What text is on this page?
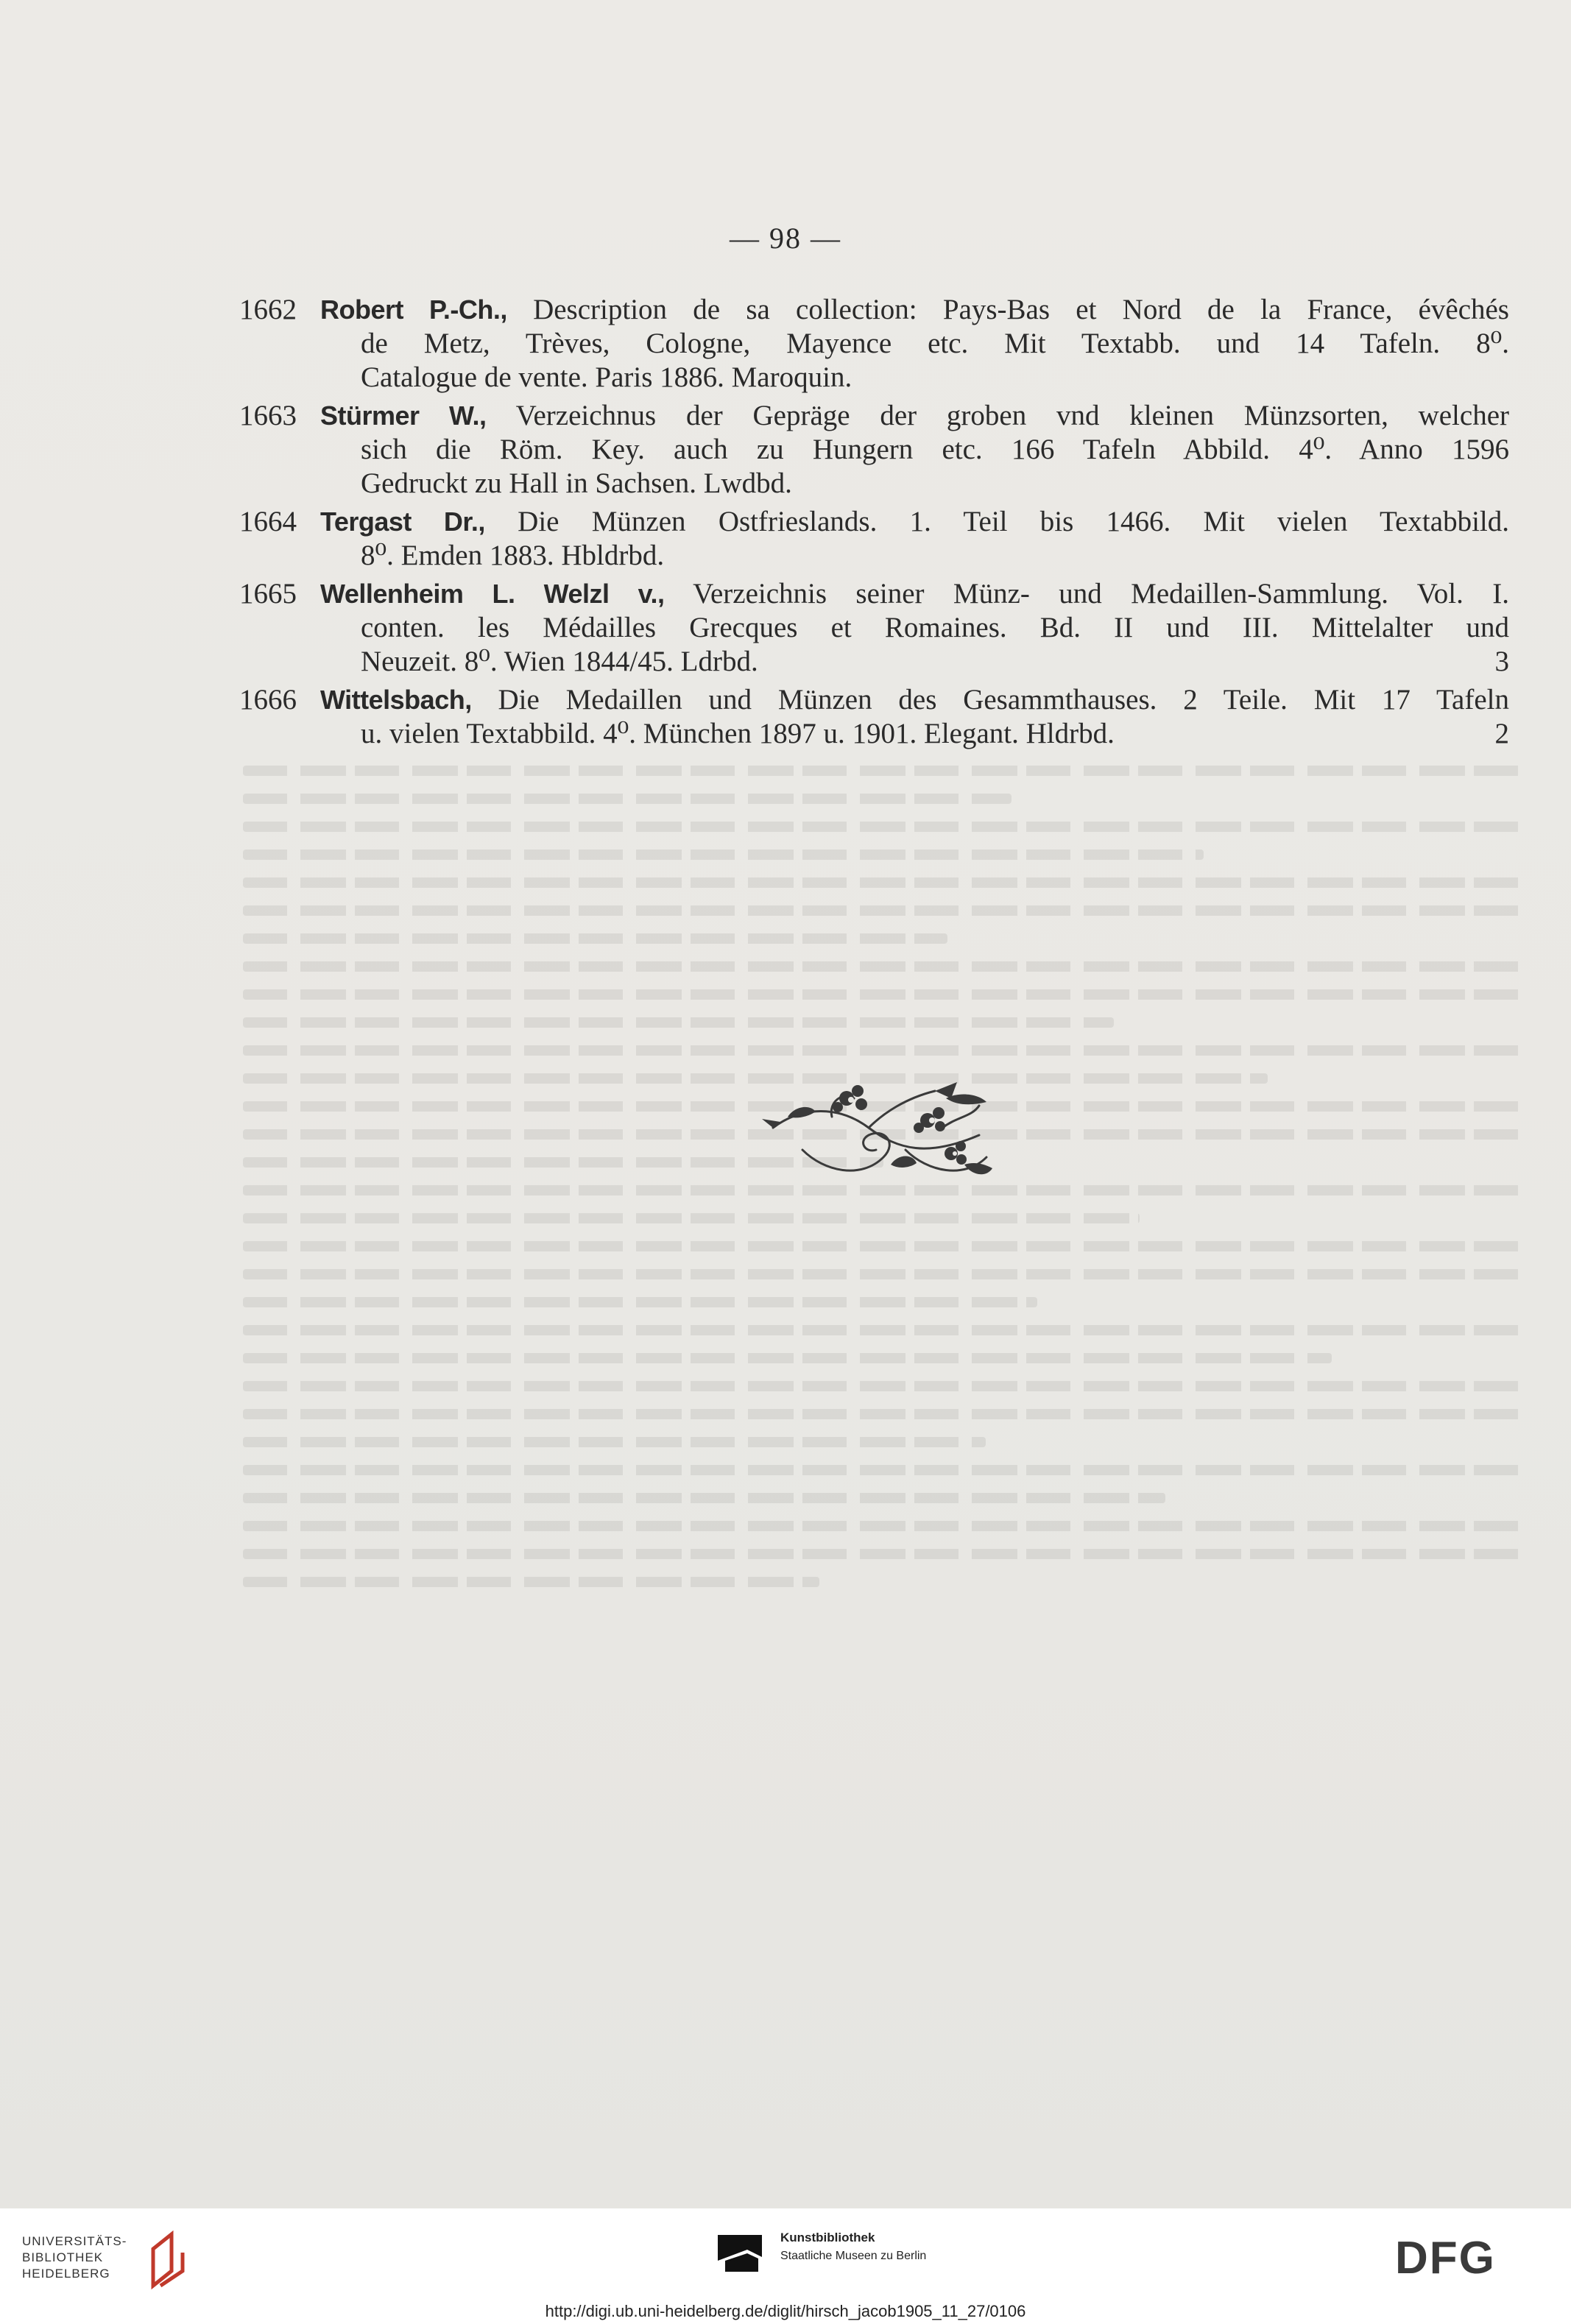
— 98 —
1662 Robert P.-Ch., Description de sa collection: Pays-Bas et Nord de la France, évêchés
de Metz, Trèves, Cologne, Mayence etc. Mit Textabb. und 14 Tafeln. 8⁰.
Catalogue de vente. Paris 1886. Maroquin.
1663 Stürmer W., Verzeichnus der Gepräge der groben vnd kleinen Münzsorten, welcher
sich die Röm. Key. auch zu Hungern etc. 166 Tafeln Abbild. 4⁰. Anno 1596
Gedruckt zu Hall in Sachsen. Lwdbd.
1664 Tergast Dr., Die Münzen Ostfrieslands. 1. Teil bis 1466. Mit vielen Textabbild.
8⁰. Emden 1883. Hbldrbd.
1665 Wellenheim L. Welzl v., Verzeichnis seiner Münz- und Medaillen-Sammlung. Vol. I.
conten. les Médailles Grecques et Romaines. Bd. II und III. Mittelalter und
Neuzeit. 8⁰. Wien 1844/45. Ldrbd.	3
1666 Wittelsbach, Die Medaillen und Münzen des Gesammthauses. 2 Teile. Mit 17 Tafeln
u. vielen Textabbild. 4⁰. München 1897 u. 1901. Elegant. Hldrbd.	2
UNIVERSITÄTS-
BIBLIOTHEK
HEIDELBERG
Kunstbibliothek
Staatliche Museen zu Berlin	DFG
http://digi.ub.uni-heidelberg.de/diglit/hirsch_jacob1905_11_27/0106
